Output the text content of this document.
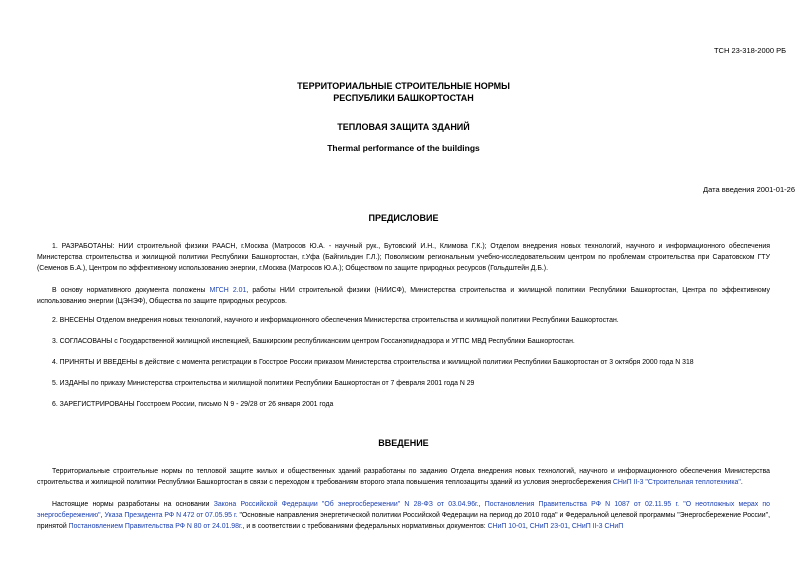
ТСН 23-318-2000 РБ
ТЕРРИТОРИАЛЬНЫЕ СТРОИТЕЛЬНЫЕ НОРМЫ
РЕСПУБЛИКИ БАШКОРТОСТАН
ТЕПЛОВАЯ ЗАЩИТА ЗДАНИЙ
Thermal performance of the buildings
Дата введения 2001-01-26
ПРЕДИСЛОВИЕ
1. РАЗРАБОТАНЫ: НИИ строительной физики РААСН, г.Москва (Матросов Ю.А. - научный рук., Бутовский И.Н., Климова Г.К.); Отделом внедрения новых технологий, научного и информационного обеспечения Министерства строительства и жилищной политики Республики Башкортостан, г.Уфа (Байгильдин Г.Л.); Поволжским региональным учебно-исследовательским центром по проблемам строительства при Саратовском ГТУ (Семенов Б.А.), Центром по эффективному использованию энергии, г.Москва (Матросов Ю.А.); Обществом по защите природных ресурсов (Гольдштейн Д.Б.).
В основу нормативного документа положены МГСН 2.01, работы НИИ строительной физики (НИИСФ), Министерства строительства и жилищной политики Республики Башкортостан, Центра по эффективному использованию энергии (ЦЭНЭФ), Общества по защите природных ресурсов.
2. ВНЕСЕНЫ Отделом внедрения новых технологий, научного и информационного обеспечения Министерства строительства и жилищной политики Республики Башкортостан.
3. СОГЛАСОВАНЫ с Государственной жилищной инспекцией, Башкирским республиканским центром Госсанэпиднадзора и УГПС МВД Республики Башкортостан.
4. ПРИНЯТЫ И ВВЕДЕНЫ в действие с момента регистрации в Госстрое России приказом Министерства строительства и жилищной политики Республики Башкортостан от 3 октября 2000 года N 318
5. ИЗДАНЫ по приказу Министерства строительства и жилищной политики Республики Башкортостан от 7 февраля 2001 года N 29
6. ЗАРЕГИСТРИРОВАНЫ Госстроем России, письмо N 9 - 29/28 от 26 января 2001 года
ВВЕДЕНИЕ
Территориальные строительные нормы по тепловой защите жилых и общественных зданий разработаны по заданию Отдела внедрения новых технологий, научного и информационного обеспечения Министерства строительства и жилищной политики Республики Башкортостан в связи с переходом к требованиям второго этапа повышения теплозащиты зданий из условия энергосбережения СНиП II-3 "Строительная теплотехника".
Настоящие нормы разработаны на основании Закона Российской Федерации "Об энергосбережении" N 28-ФЗ от 03.04.96г., Постановления Правительства РФ N 1087 от 02.11.95 г. "О неотложных мерах по энергосбережению", Указа Президента РФ N 472 от 07.05.95 г. "Основные направления энергетической политики Российской Федерации на период до 2010 года" и Федеральной целевой программы "Энергосбережение России", принятой Постановлением Правительства РФ N 80 от 24.01.98г., и в соответствии с требованиями федеральных нормативных документов: СНиП 10-01, СНиП 23-01, СНиП II-3 СНиП
